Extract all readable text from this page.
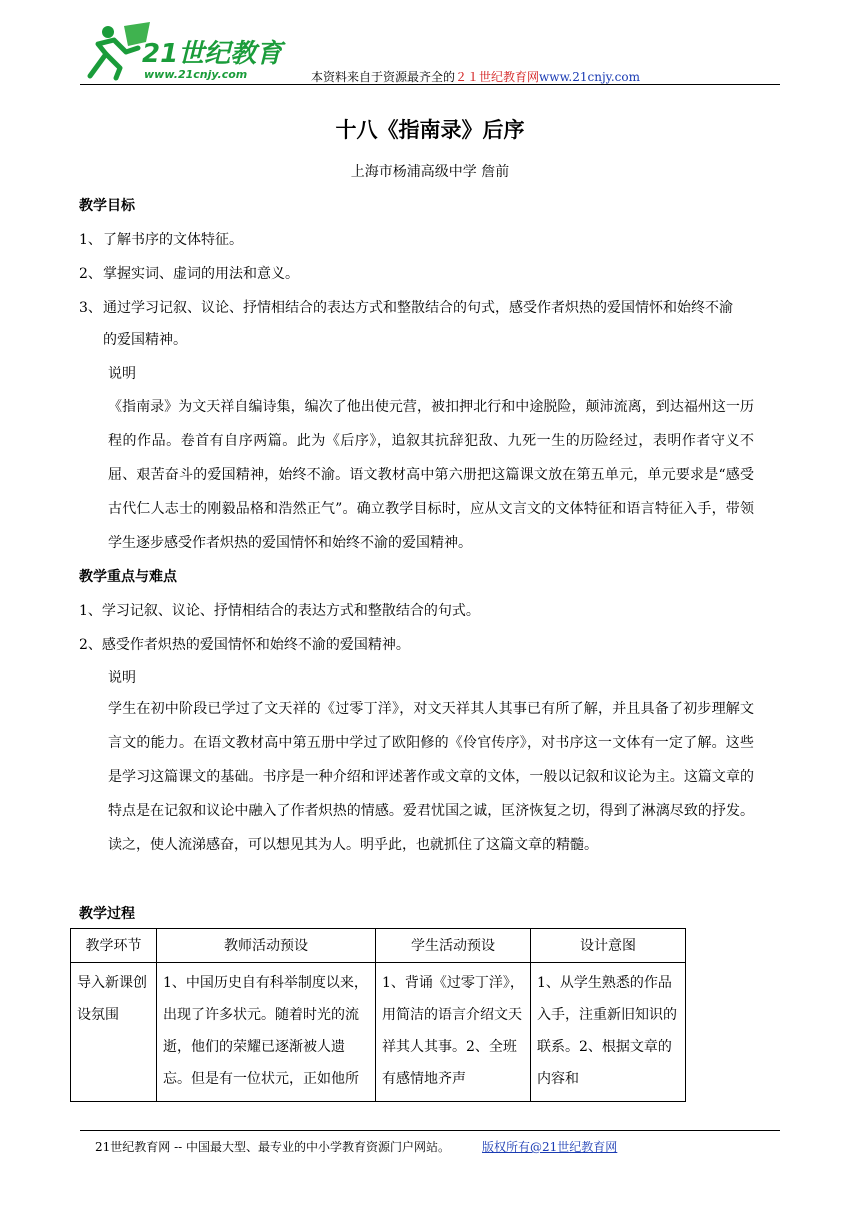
21世纪教育
www.21cnjy.com	本资料来自于资源最齐全的２１世纪教育网www.21cnjy.com
十八《指南录》后序
上海市杨浦高级中学 詹前
教学目标
1、了解书序的文体特征。
2、掌握实词、虚词的用法和意义。
3、通过学习记叙、议论、抒情相结合的表达方式和整散结合的句式，感受作者炽热的爱国情怀和始终不渝
的爱国精神。
说明
《指南录》为文天祥自编诗集，编次了他出使元营，被扣押北行和中途脱险，颠沛流离，到达福州这一历程的作品。卷首有自序两篇。此为《后序》，追叙其抗辞犯敌、九死一生的历险经过，表明作者守义不屈、艰苦奋斗的爱国精神，始终不渝。语文教材高中第六册把这篇课文放在第五单元，单元要求是“感受古代仁人志士的刚毅品格和浩然正气”。确立教学目标时，应从文言文的文体特征和语言特征入手，带领学生逐步感受作者炽热的爱国情怀和始终不渝的爱国精神。
教学重点与难点
1、学习记叙、议论、抒情相结合的表达方式和整散结合的句式。
2、感受作者炽热的爱国情怀和始终不渝的爱国精神。
说明
学生在初中阶段已学过了文天祥的《过零丁洋》，对文天祥其人其事已有所了解，并且具备了初步理解文言文的能力。在语文教材高中第五册中学过了欧阳修的《伶官传序》，对书序这一文体有一定了解。这些是学习这篇课文的基础。书序是一种介绍和评述著作或文章的文体，一般以记叙和议论为主。这篇文章的特点是在记叙和议论中融入了作者炽热的情感。爱君忧国之诚，匡济恢复之切，得到了淋漓尽致的抒发。读之，使人流涕感奋，可以想见其为人。明乎此，也就抓住了这篇文章的精髓。
教学过程
教学环节	教师活动预设	学生活动预设	设计意图

导入新课创设氛围	1、中国历史自有科举制度以来，出现了许多状元。随着时光的流逝，他们的荣耀已逐渐被人遗忘。但是有一位状元，正如他所	1、背诵《过零丁洋》，用简洁的语言介绍文天祥其人其事。2、全班有感情地齐声	1、从学生熟悉的作品入手，注重新旧知识的联系。2、根据文章的内容和
21世纪教育网 -- 中国最大型、最专业的中小学教育资源门户网站。	版权所有@21世纪教育网
